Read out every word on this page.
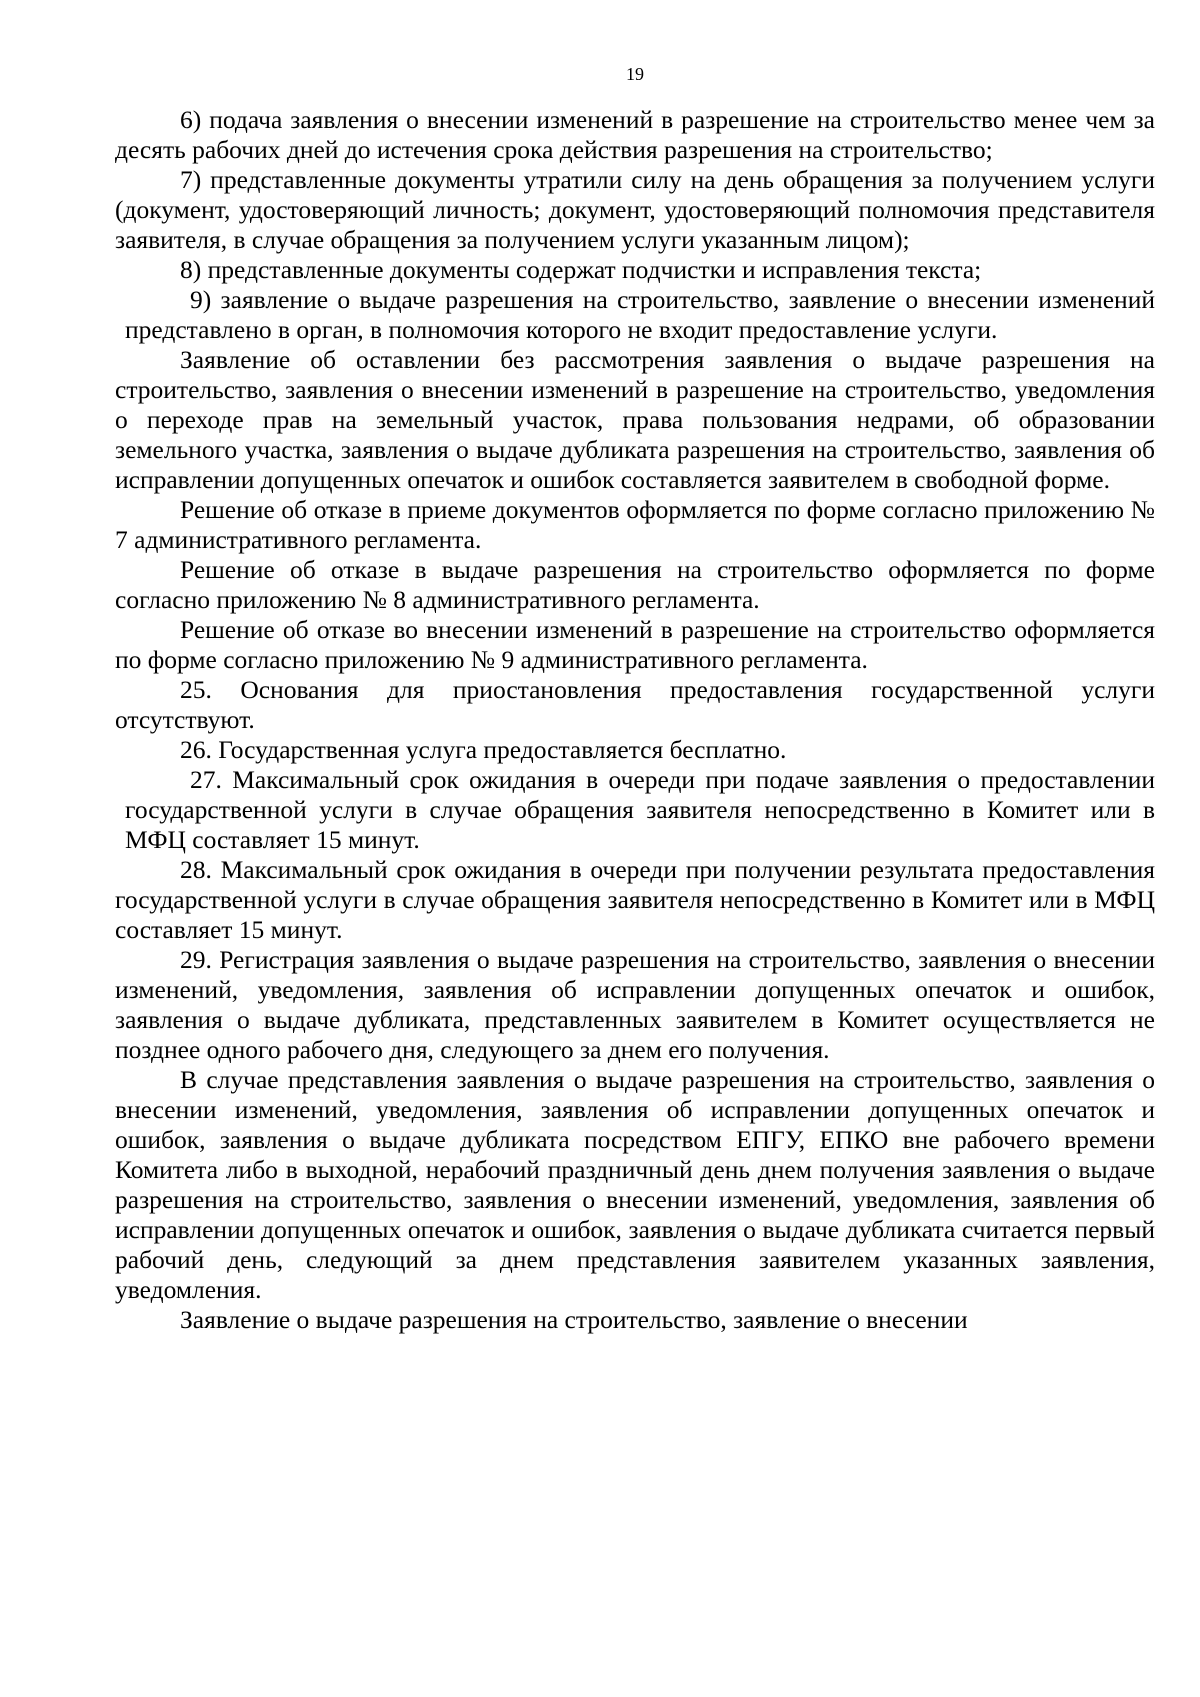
19

6) подача заявления о внесении изменений в разрешение на строительство менее чем за десять рабочих дней до истечения срока действия разрешения на строительство;

7) представленные документы утратили силу на день обращения за получением услуги (документ, удостоверяющий личность; документ, удостоверяющий полномочия представителя заявителя, в случае обращения за получением услуги указанным лицом);

8) представленные документы содержат подчистки и исправления текста;

9) заявление о выдаче разрешения на строительство, заявление о внесении изменений представлено в орган, в полномочия которого не входит предоставление услуги.

Заявление об оставлении без рассмотрения заявления о выдаче разрешения на строительство, заявления о внесении изменений в разрешение на строительство, уведомления о переходе прав на земельный участок, права пользования недрами, об образовании земельного участка, заявления о выдаче дубликата разрешения на строительство, заявления об исправлении допущенных опечаток и ошибок составляется заявителем в свободной форме.

Решение об отказе в приеме документов оформляется по форме согласно приложению № 7 административного регламента.

Решение об отказе в выдаче разрешения на строительство оформляется по форме согласно приложению № 8 административного регламента.

Решение об отказе во внесении изменений в разрешение на строительство оформляется по форме согласно приложению № 9 административного регламента.

25. Основания для приостановления предоставления государственной услуги отсутствуют.

26. Государственная услуга предоставляется бесплатно.

27. Максимальный срок ожидания в очереди при подаче заявления о предоставлении государственной услуги в случае обращения заявителя непосредственно в Комитет или в МФЦ составляет 15 минут.

28. Максимальный срок ожидания в очереди при получении результата предоставления государственной услуги в случае обращения заявителя непосредственно в Комитет или в МФЦ составляет 15 минут.

29. Регистрация заявления о выдаче разрешения на строительство, заявления о внесении изменений, уведомления, заявления об исправлении допущенных опечаток и ошибок, заявления о выдаче дубликата, представленных заявителем в Комитет осуществляется не позднее одного рабочего дня, следующего за днем его получения.

В случае представления заявления о выдаче разрешения на строительство, заявления о внесении изменений, уведомления, заявления об исправлении допущенных опечаток и ошибок, заявления о выдаче дубликата посредством ЕПГУ, ЕПКО вне рабочего времени Комитета либо в выходной, нерабочий праздничный день днем получения заявления о выдаче разрешения на строительство, заявления о внесении изменений, уведомления, заявления об исправлении допущенных опечаток и ошибок, заявления о выдаче дубликата считается первый рабочий день, следующий за днем представления заявителем указанных заявления, уведомления.

Заявление о выдаче разрешения на строительство, заявление о внесении
